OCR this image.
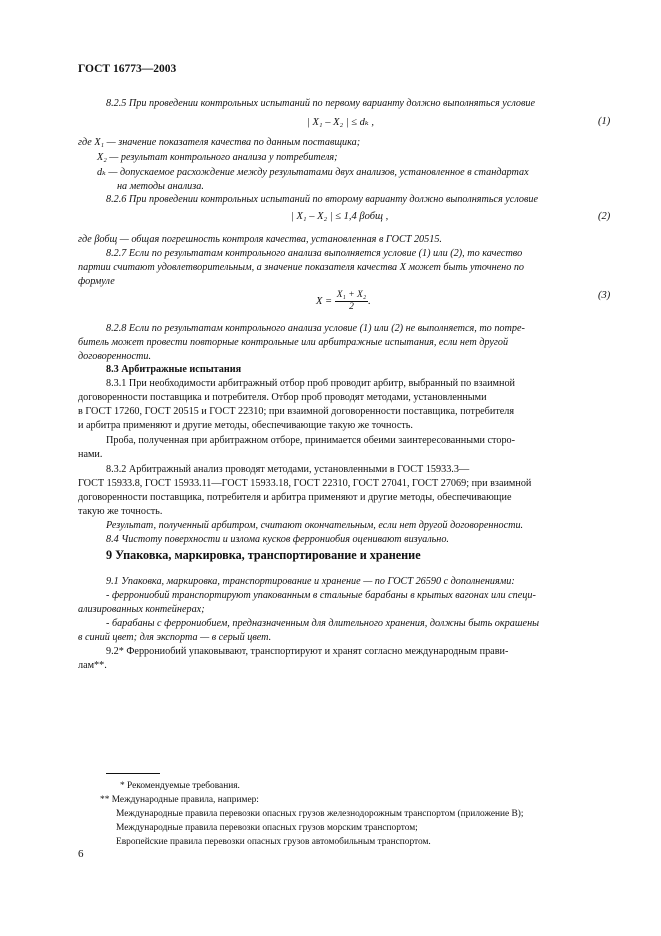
ГОСТ 16773—2003
8.2.5 При проведении контрольных испытаний по первому варианту должно выполняться условие
| X₁ – X₂ | ≤ dₖ ,	(1)
где X₁ — значение показателя качества по данным поставщика;
X₂ — результат контрольного анализа у потребителя;
dₖ — допускаемое расхождение между результатами двух анализов, установленное в стандартах
на методы анализа.
8.2.6 При проведении контрольных испытаний по второму варианту должно выполняться условие
| X₁ – X₂ | ≤ 1,4 βобщ ,	(2)
где βобщ — общая погрешность контроля качества, установленная в ГОСТ 20515.
8.2.7 Если по результатам контрольного анализа выполняется условие (1) или (2), то качество
партии считают удовлетворительным, а значение показателя качества X может быть уточнено по
формуле
$X = \frac{\text{X₁ + X₂}}{2}$ .
(3)
8.2.8 Если по результатам контрольного анализа условие (1) или (2) не выполняется, то потре-
битель может провести повторные контрольные или арбитражные испытания, если нет другой
договоренности.
8.3 Арбитражные испытания
8.3.1 При необходимости арбитражный отбор проб проводит арбитр, выбранный по взаимной
договоренности поставщика и потребителя. Отбор проб проводят методами, установленными
в ГОСТ 17260, ГОСТ 20515 и ГОСТ 22310; при взаимной договоренности поставщика, потребителя
и арбитра применяют и другие методы, обеспечивающие такую же точность.
Проба, полученная при арбитражном отборе, принимается обеими заинтересованными сторо-
нами.
8.3.2 Арбитражный анализ проводят методами, установленными в ГОСТ 15933.3—
ГОСТ 15933.8, ГОСТ 15933.11—ГОСТ 15933.18, ГОСТ 22310, ГОСТ 27041, ГОСТ 27069; при взаимной
договоренности поставщика, потребителя и арбитра применяют и другие методы, обеспечивающие
такую же точность.
Результат, полученный арбитром, считают окончательным, если нет другой договоренности.
8.4 Чистоту поверхности и излома кусков феррониобия оценивают визуально.
9 Упаковка, маркировка, транспортирование и хранение
9.1 Упаковка, маркировка, транспортирование и хранение — по ГОСТ 26590 с дополнениями:
- феррониобий транспортируют упакованным в стальные барабаны в крытых вагонах или специ-
ализированных контейнерах;
- барабаны с феррониобием, предназначенным для длительного хранения, должны быть окрашены
в синий цвет; для экспорта — в серый цвет.
9.2* Феррониобий упаковывают, транспортируют и хранят согласно международным прави-
лам**.
* Рекомендуемые требования.
** Международные правила, например:
Международные правила перевозки опасных грузов железнодорожным транспортом (приложение В);
Международные правила перевозки опасных грузов морским транспортом;
Европейские правила перевозки опасных грузов автомобильным транспортом.
6
